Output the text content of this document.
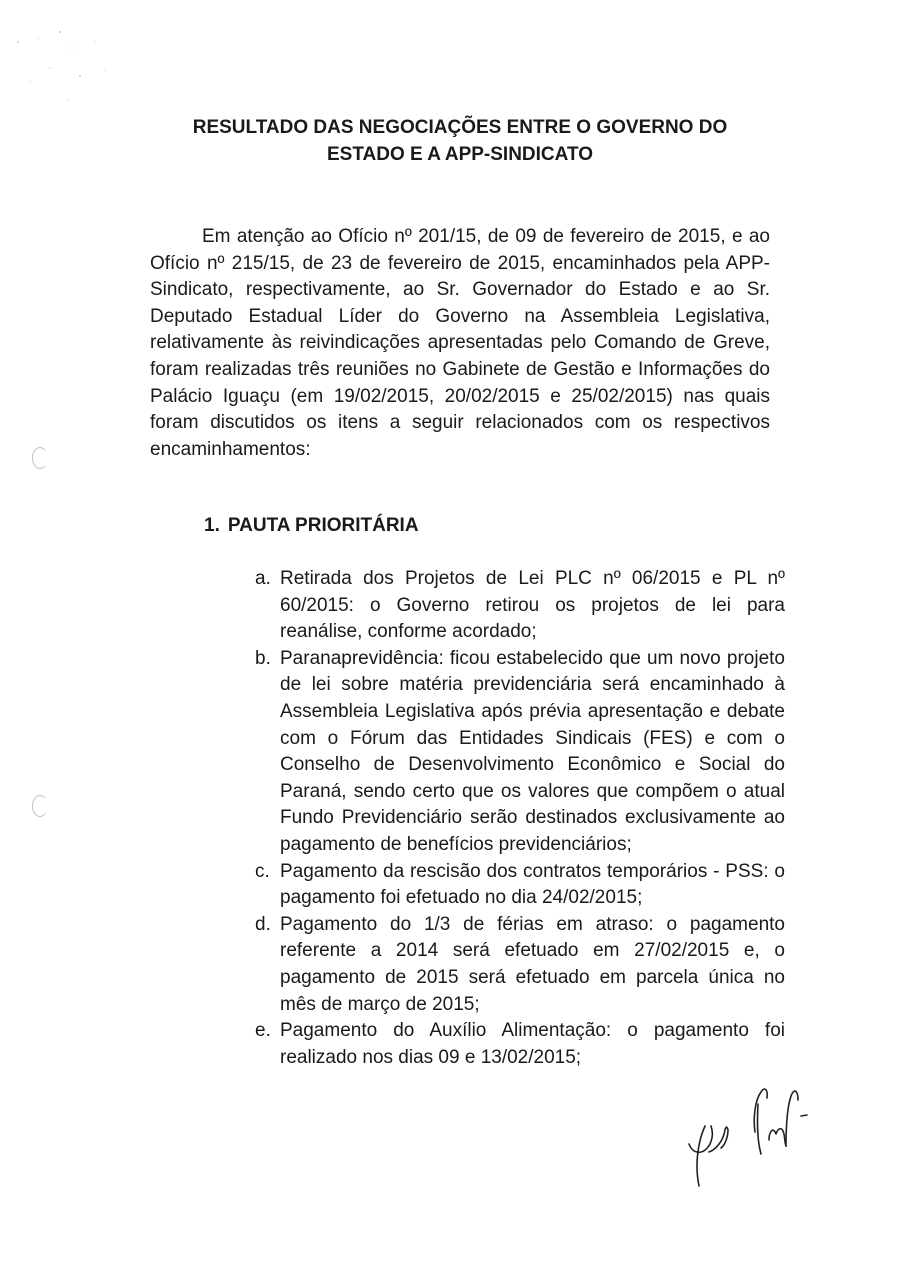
RESULTADO DAS NEGOCIAÇÕES ENTRE O GOVERNO DO
ESTADO E A APP-SINDICATO

Em atenção ao Ofício nº 201/15, de 09 de fevereiro de 2015, e ao Ofício nº 215/15, de 23 de fevereiro de 2015, encaminhados pela APP-Sindicato, respectivamente, ao Sr. Governador do Estado e ao Sr. Deputado Estadual Líder do Governo na Assembleia Legislativa, relativamente às reivindicações apresentadas pelo Comando de Greve, foram realizadas três reuniões no Gabinete de Gestão e Informações do Palácio Iguaçu (em 19/02/2015, 20/02/2015 e 25/02/2015) nas quais foram discutidos os itens a seguir relacionados com os respectivos encaminhamentos:

1. PAUTA PRIORITÁRIA
a. Retirada dos Projetos de Lei PLC nº 06/2015 e PL nº 60/2015: o Governo retirou os projetos de lei para reanálise, conforme acordado;
b. Paranaprevidência: ficou estabelecido que um novo projeto de lei sobre matéria previdenciária será encaminhado à Assembleia Legislativa após prévia apresentação e debate com o Fórum das Entidades Sindicais (FES) e com o Conselho de Desenvolvimento Econômico e Social do Paraná, sendo certo que os valores que compõem o atual Fundo Previdenciário serão destinados exclusivamente ao pagamento de benefícios previdenciários;
c. Pagamento da rescisão dos contratos temporários - PSS: o pagamento foi efetuado no dia 24/02/2015;
d. Pagamento do 1/3 de férias em atraso: o pagamento referente a 2014 será efetuado em 27/02/2015 e, o pagamento de 2015 será efetuado em parcela única no mês de março de 2015;
e. Pagamento do Auxílio Alimentação: o pagamento foi realizado nos dias 09 e 13/02/2015;
